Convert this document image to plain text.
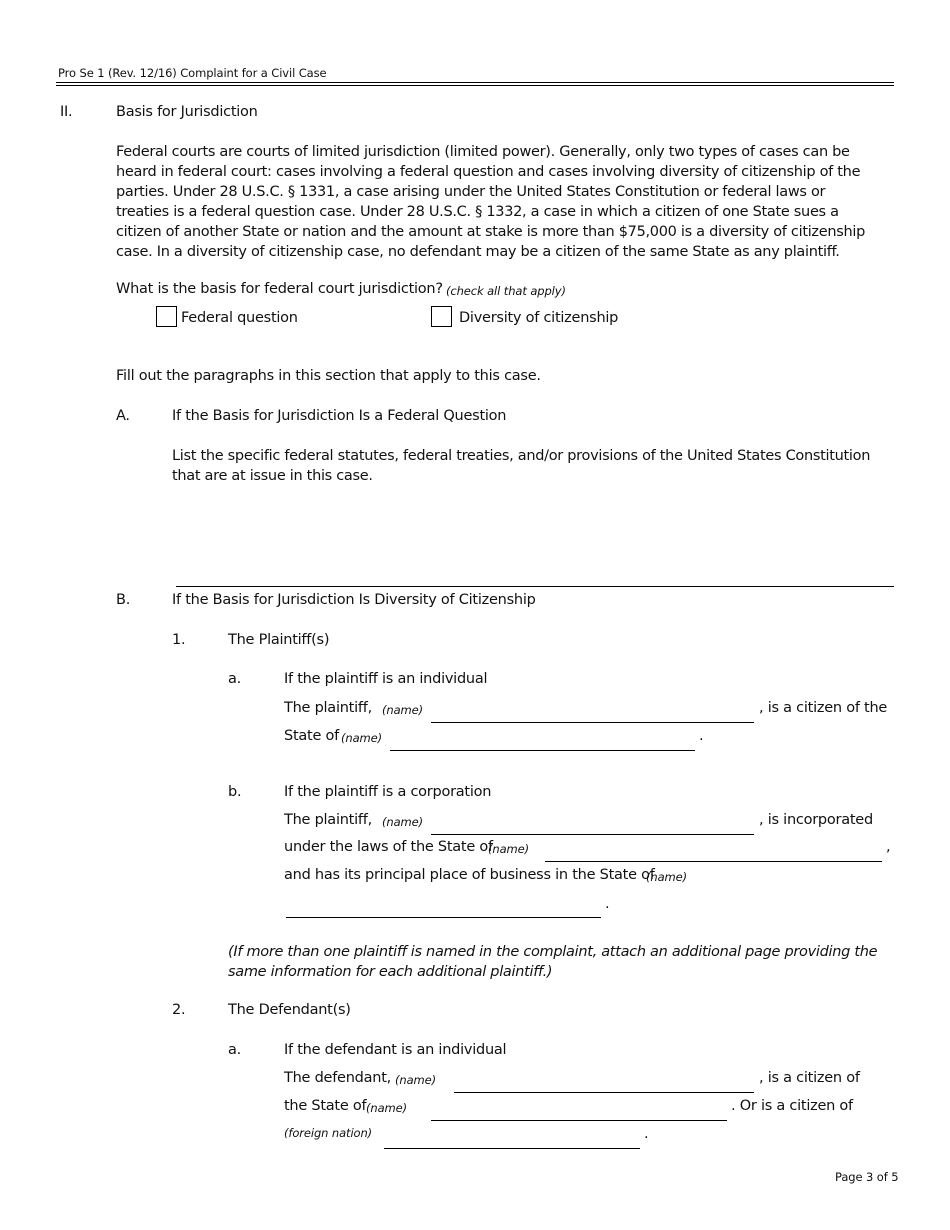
Pro Se 1 (Rev. 12/16) Complaint for a Civil Case
II.	Basis for Jurisdiction
Federal courts are courts of limited jurisdiction (limited power). Generally, only two types of cases can be heard in federal court: cases involving a federal question and cases involving diversity of citizenship of the parties. Under 28 U.S.C. § 1331, a case arising under the United States Constitution or federal laws or treaties is a federal question case. Under 28 U.S.C. § 1332, a case in which a citizen of one State sues a citizen of another State or nation and the amount at stake is more than $75,000 is a diversity of citizenship case. In a diversity of citizenship case, no defendant may be a citizen of the same State as any plaintiff.
What is the basis for federal court jurisdiction? (check all that apply)
Federal question	Diversity of citizenship
Fill out the paragraphs in this section that apply to this case.
A.	If the Basis for Jurisdiction Is a Federal Question
List the specific federal statutes, federal treaties, and/or provisions of the United States Constitution that are at issue in this case.
B.	If the Basis for Jurisdiction Is Diversity of Citizenship
1.	The Plaintiff(s)
a.	If the plaintiff is an individual
The plaintiff, (name)	, is a citizen of the
State of (name)	.
b.	If the plaintiff is a corporation
The plaintiff, (name)	, is incorporated
under the laws of the State of
(name)	,
and has its principal place of business in the State of
(name)
.
(If more than one plaintiff is named in the complaint, attach an additional page providing the same information for each additional plaintiff.)
2.	The Defendant(s)
a.	If the defendant is an individual
The defendant, (name)	, is a citizen of
the State of (name)	. Or is a citizen of
(foreign nation)	.
Page 3 of 5
